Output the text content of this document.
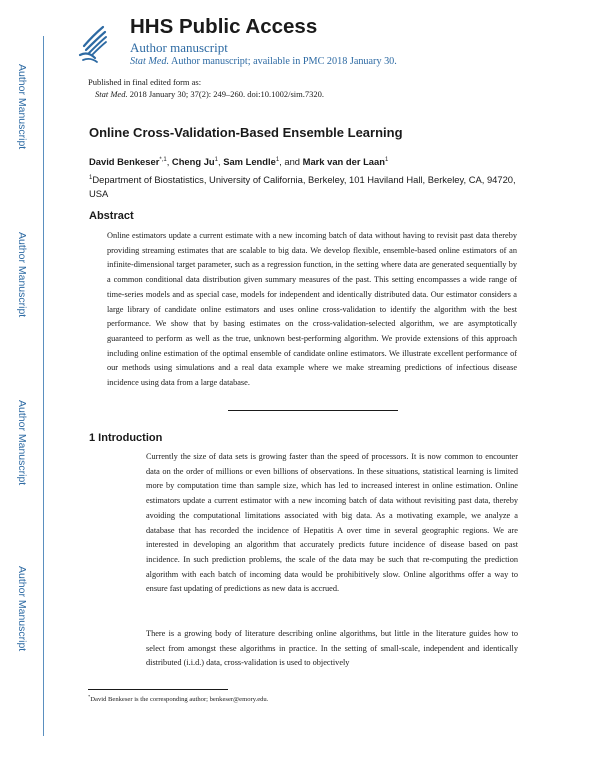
Author Manuscript
Author Manuscript
Author Manuscript
Author Manuscript
HHS Public Access
Author manuscript
Stat Med. Author manuscript; available in PMC 2018 January 30.
Published in final edited form as:
Stat Med. 2018 January 30; 37(2): 249–260. doi:10.1002/sim.7320.
Online Cross-Validation-Based Ensemble Learning
David Benkeser$^{*,1}$, Cheng Ju$^1$, Sam Lendle$^1$, and Mark van der Laan$^1$
$^1$Department of Biostatistics, University of California, Berkeley, 101 Haviland Hall, Berkeley, CA, 94720, USA
Abstract

Online estimators update a current estimate with a new incoming batch of data without having to revisit past data thereby providing streaming estimates that are scalable to big data. We develop flexible, ensemble-based online estimators of an infinite-dimensional target parameter, such as a regression function, in the setting where data are generated sequentially by a common conditional data distribution given summary measures of the past. This setting encompasses a wide range of time-series models and as special case, models for independent and identically distributed data. Our estimator considers a large library of candidate online estimators and uses online cross-validation to identify the algorithm with the best performance. We show that by basing estimates on the cross-validation-selected algorithm, we are asymptotically guaranteed to perform as well as the true, unknown best-performing algorithm. We provide extensions of this approach including online estimation of the optimal ensemble of candidate online estimators. We illustrate excellent performance of our methods using simulations and a real data example where we make streaming predictions of infectious disease incidence using data from a large database.

1 Introduction

Currently the size of data sets is growing faster than the speed of processors. It is now common to encounter data on the order of millions or even billions of observations. In these situations, statistical learning is limited more by computation time than sample size, which has led to increased interest in online estimation. Online estimators update a current estimator with a new incoming batch of data without revisiting past data, thereby avoiding the computational limitations associated with big data. As a motivating example, we analyze a database that has recorded the incidence of Hepatitis A over time in several geographic regions. We are interested in developing an algorithm that accurately predicts future incidence of disease based on past incidence. In such prediction problems, the scale of the data may be such that re-computing the prediction algorithm with each batch of incoming data would be prohibitively slow. Online algorithms offer a way to ensure fast updating of predictions as new data is accrued.

There is a growing body of literature describing online algorithms, but little in the literature guides how to select from amongst these algorithms in practice. In the setting of small-scale, independent and identically distributed (i.i.d.) data, cross-validation is used to objectively

*David Benkeser is the corresponding author; benkeser@emory.edu.
